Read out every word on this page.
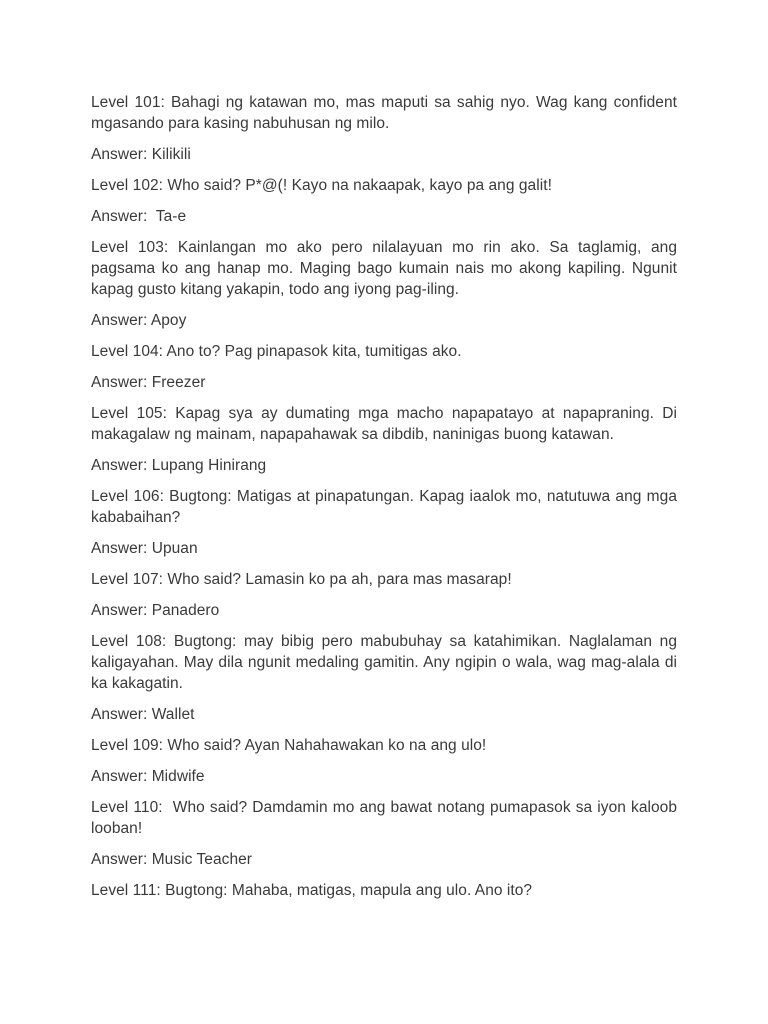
Level 101: Bahagi ng katawan mo, mas maputi sa sahig nyo. Wag kang confident mgasando para kasing nabuhusan ng milo.

Answer: Kilikili

Level 102: Who said? P*@(! Kayo na nakaapak, kayo pa ang galit!

Answer:  Ta-e

Level 103: Kainlangan mo ako pero nilalayuan mo rin ako. Sa taglamig, ang pagsama ko ang hanap mo. Maging bago kumain nais mo akong kapiling. Ngunit kapag gusto kitang yakapin, todo ang iyong pag-iling.

Answer: Apoy

Level 104: Ano to? Pag pinapasok kita, tumitigas ako.

Answer: Freezer

Level 105: Kapag sya ay dumating mga macho napapatayo at napapraning. Di makagalaw ng mainam, napapahawak sa dibdib, naninigas buong katawan.

Answer: Lupang Hinirang

Level 106: Bugtong: Matigas at pinapatungan. Kapag iaalok mo, natutuwa ang mga kababaihan?

Answer: Upuan

Level 107: Who said? Lamasin ko pa ah, para mas masarap!

Answer: Panadero

Level 108: Bugtong: may bibig pero mabubuhay sa katahimikan. Naglalaman ng kaligayahan. May dila ngunit medaling gamitin. Any ngipin o wala, wag mag-alala di ka kakagatin.

Answer: Wallet

Level 109: Who said? Ayan Nahahawakan ko na ang ulo!

Answer: Midwife

Level 110:  Who said? Damdamin mo ang bawat notang pumapasok sa iyon kaloob looban!

Answer: Music Teacher

Level 111: Bugtong: Mahaba, matigas, mapula ang ulo. Ano ito?
